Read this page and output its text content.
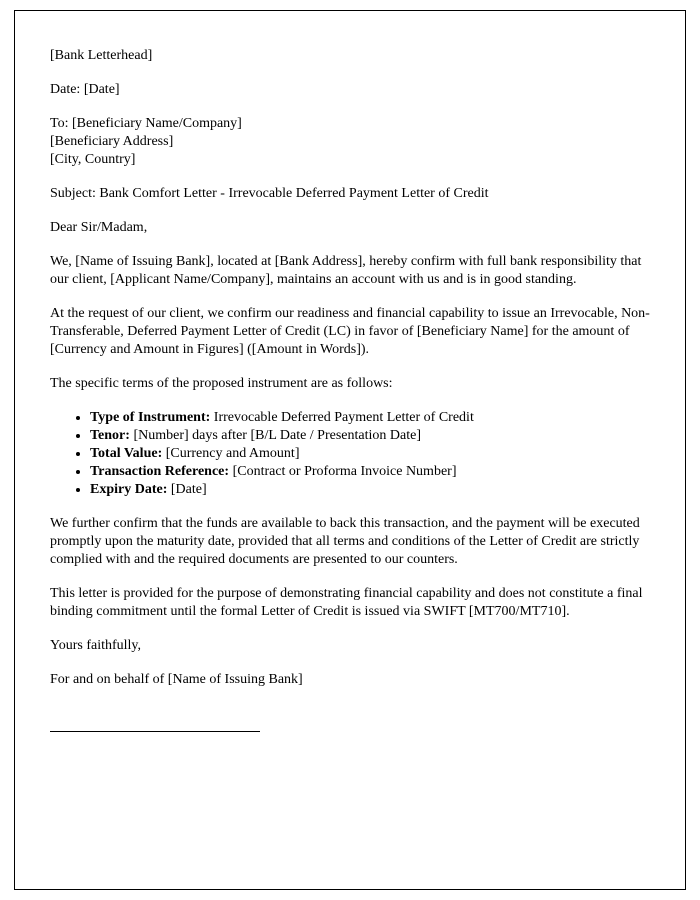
[Bank Letterhead]

Date: [Date]

To: [Beneficiary Name/Company]
[Beneficiary Address]
[City, Country]

Subject: Bank Comfort Letter - Irrevocable Deferred Payment Letter of Credit

Dear Sir/Madam,

We, [Name of Issuing Bank], located at [Bank Address], hereby confirm with full bank responsibility that our client, [Applicant Name/Company], maintains an account with us and is in good standing.

At the request of our client, we confirm our readiness and financial capability to issue an Irrevocable, Non-Transferable, Deferred Payment Letter of Credit (LC) in favor of [Beneficiary Name] for the amount of [Currency and Amount in Figures] ([Amount in Words]).

The specific terms of the proposed instrument are as follows:

• Type of Instrument: Irrevocable Deferred Payment Letter of Credit
• Tenor: [Number] days after [B/L Date / Presentation Date]
• Total Value: [Currency and Amount]
• Transaction Reference: [Contract or Proforma Invoice Number]
• Expiry Date: [Date]

We further confirm that the funds are available to back this transaction, and the payment will be executed promptly upon the maturity date, provided that all terms and conditions of the Letter of Credit are strictly complied with and the required documents are presented to our counters.

This letter is provided for the purpose of demonstrating financial capability and does not constitute a final binding commitment until the formal Letter of Credit is issued via SWIFT [MT700/MT710].

Yours faithfully,

For and on behalf of [Name of Issuing Bank]
